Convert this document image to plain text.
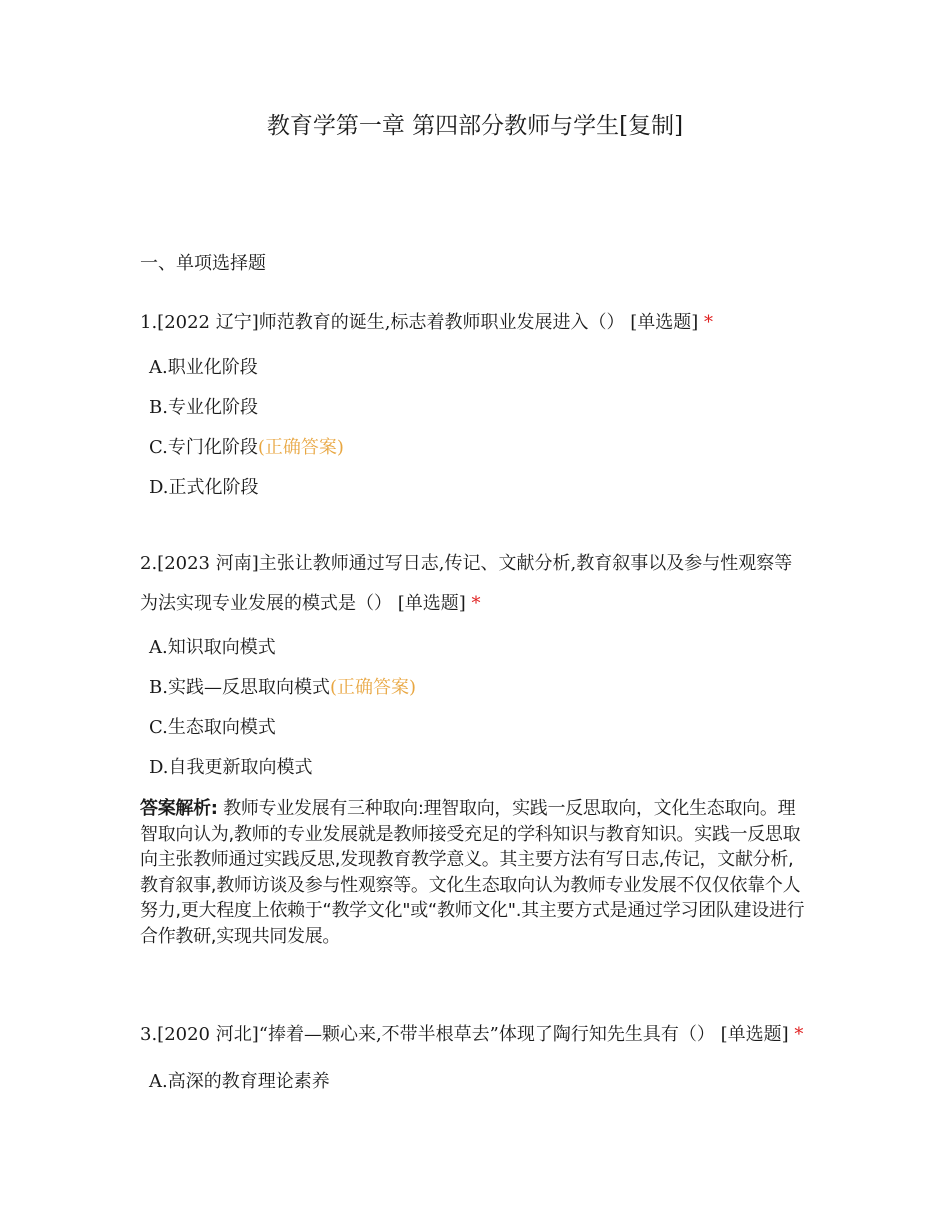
教育学第一章 第四部分教师与学生[复制]
一、单项选择题
1.[2022 辽宁]师范教育的诞生,标志着教师职业发展进入（） [单选题] *
A.职业化阶段
B.专业化阶段
C.专门化阶段(正确答案)
D.正式化阶段
2.[2023 河南]主张让教师通过写日志,传记、文献分析,教育叙事以及参与性观察等为法实现专业发展的模式是（） [单选题] *
A.知识取向模式
B.实践—反思取向模式(正确答案)
C.生态取向模式
D.自我更新取向模式
答案解析: 教师专业发展有三种取向:理智取向，实践一反思取向，文化生态取向。理智取向认为,教师的专业发展就是教师接受充足的学科知识与教育知识。实践一反思取向主张教师通过实践反思,发现教育教学意义。其主要方法有写日志,传记，文献分析,教育叙事,教师访谈及参与性观察等。文化生态取向认为教师专业发展不仅仅依靠个人努力,更大程度上依赖于“教学文化"或“教师文化".其主要方式是通过学习团队建设进行合作教研,实现共同发展。
3.[2020 河北]“捧着—颗心来,不带半根草去”体现了陶行知先生具有（） [单选题] *
A.高深的教育理论素养
